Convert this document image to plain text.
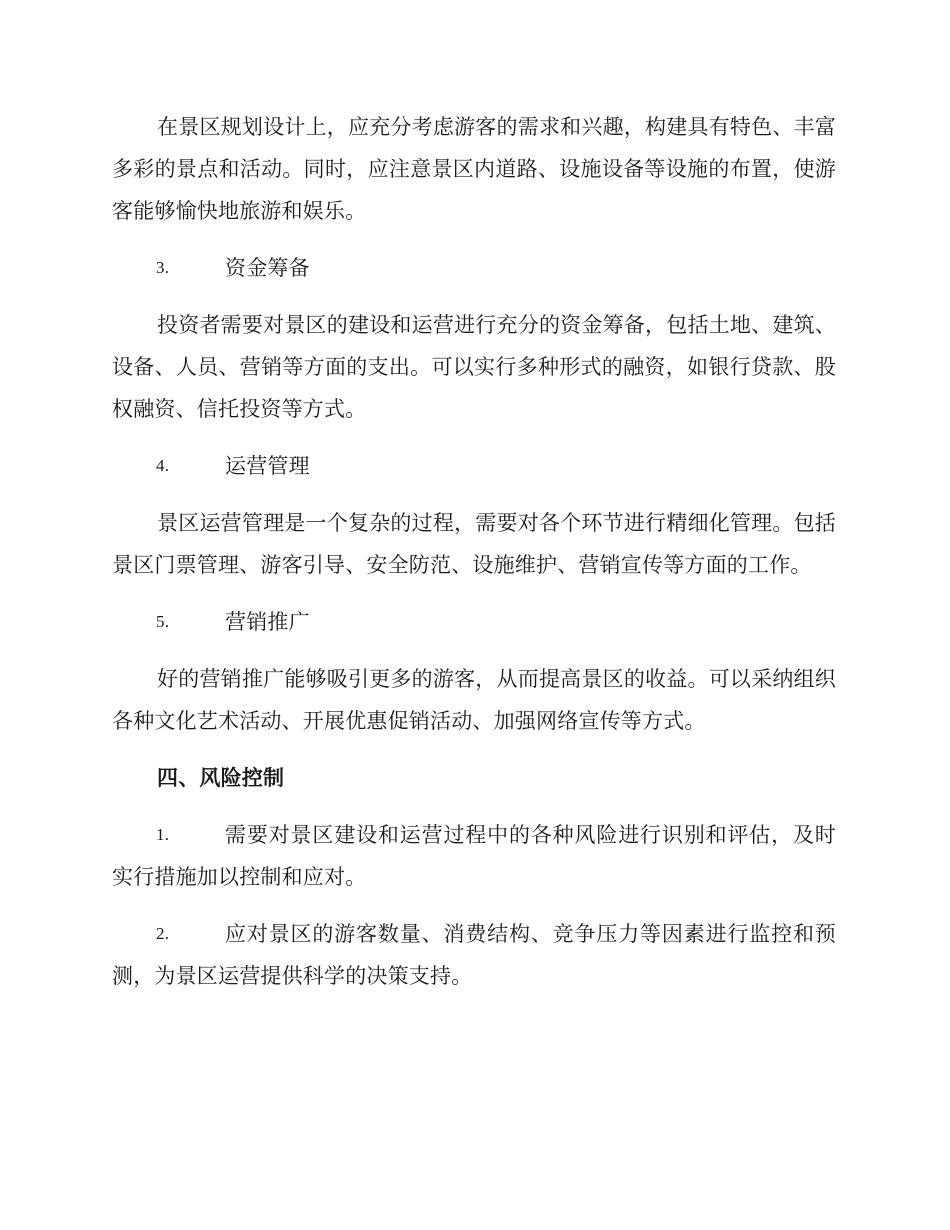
在景区规划设计上，应充分考虑游客的需求和兴趣，构建具有特色、丰富多彩的景点和活动。同时，应注意景区内道路、设施设备等设施的布置，使游客能够愉快地旅游和娱乐。

3.	资金筹备

投资者需要对景区的建设和运营进行充分的资金筹备，包括土地、建筑、设备、人员、营销等方面的支出。可以实行多种形式的融资，如银行贷款、股权融资、信托投资等方式。

4.	运营管理

景区运营管理是一个复杂的过程，需要对各个环节进行精细化管理。包括景区门票管理、游客引导、安全防范、设施维护、营销宣传等方面的工作。

5.	营销推广

好的营销推广能够吸引更多的游客，从而提高景区的收益。可以采纳组织各种文化艺术活动、开展优惠促销活动、加强网络宣传等方式。

四、风险控制
1.	需要对景区建设和运营过程中的各种风险进行识别和评估，及时实行措施加以控制和应对。
2.	应对景区的游客数量、消费结构、竞争压力等因素进行监控和预测，为景区运营提供科学的决策支持。
